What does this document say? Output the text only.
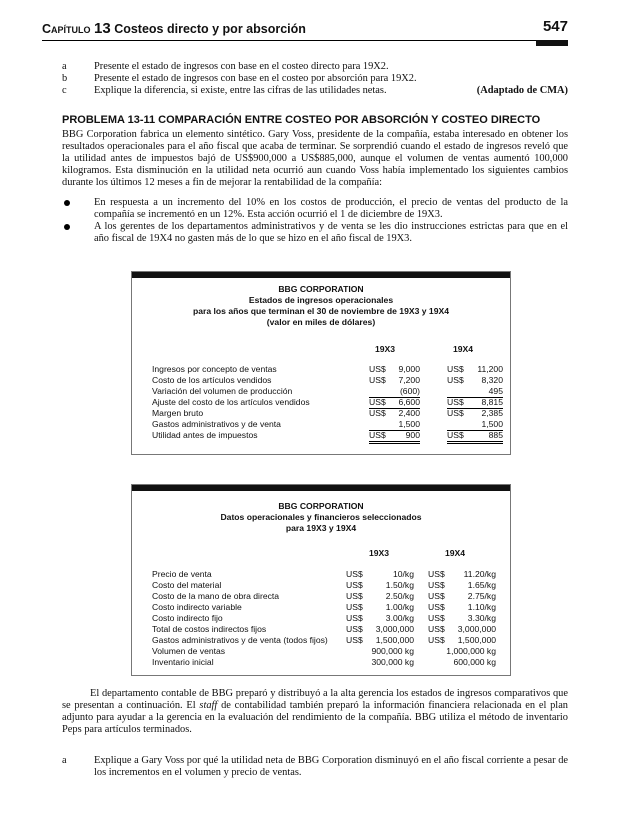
Capítulo 13 Costeos directo y por absorción	547
a	Presente el estado de ingresos con base en el costeo directo para 19X2.
b	Presente el estado de ingresos con base en el costeo por absorción para 19X2.
c	Explique la diferencia, si existe, entre las cifras de las utilidades netas.	(Adaptado de CMA)
PROBLEMA 13-11 COMPARACIÓN ENTRE COSTEO POR ABSORCIÓN Y COSTEO DIRECTO
BBG Corporation fabrica un elemento sintético. Gary Voss, presidente de la compañía, estaba interesado en obtener los resultados operacionales para el año fiscal que acaba de terminar. Se sorprendió cuando el estado de ingresos reveló que la utilidad antes de impuestos bajó de US$900,000 a US$885,000, aunque el volumen de ventas aumentó 100,000 kilogramos. Esta disminución en la utilidad neta ocurrió aun cuando Voss había implementado los siguientes cambios durante los últimos 12 meses a fin de mejorar la rentabilidad de la compañía:
En respuesta a un incremento del 10% en los costos de producción, el precio de ventas del producto de la compañía se incrementó en un 12%. Esta acción ocurrió el 1 de diciembre de 19X3.
A los gerentes de los departamentos administrativos y de venta se les dio instrucciones estrictas para que en el año fiscal de 19X4 no gasten más de lo que se hizo en el año fiscal de 19X3.
BBG CORPORATION
Estados de ingresos operacionales
para los años que terminan el 30 de noviembre de 19X3 y 19X4
(valor en miles de dólares)
19X3	19X4
Ingresos por concepto de ventas	US$ 9,000	US$ 11,200
Costo de los artículos vendidos	US$ 7,200	US$ 8,320
Variación del volumen de producción	(600)	495
Ajuste del costo de los artículos vendidos	US$ 6,600	US$ 8,815
Margen bruto	US$ 2,400	US$ 2,385
Gastos administrativos y de venta	1,500	1,500
Utilidad antes de impuestos	US$ 900	US$	885
BBG CORPORATION
Datos operacionales y financieros seleccionados
para 19X3 y 19X4
19X3	19X4
Precio de venta	US$	10/kg US$ 11.20/kg
Costo del material	US$	1.50/kg US$	1.65/kg
Costo de la mano de obra directa	US$	2.50/kg US$	2.75/kg
Costo indirecto variable	US$	1.00/kg US$	1.10/kg
Costo indirecto fijo	US$	3.00/kg US$	3.30/kg
Total de costos indirectos fijos	US$ 3,000,000 US$ 3,000,000
Gastos administrativos y de venta (todos fijos) US$ 1,500,000 US$ 1,500,000
Volumen de ventas	900,000 kg	1,000,000 kg
Inventario inicial	300,000 kg	600,000 kg
El departamento contable de BBG preparó y distribuyó a la alta gerencia los estados de ingresos comparativos que se presentan a continuación. El staff de contabilidad también preparó la información financiera relacionada en el plan adjunto para ayudar a la gerencia en la evaluación del rendimiento de la compañía. BBG utiliza el método de inventario Peps para artículos terminados.
a	Explique a Gary Voss por qué la utilidad neta de BBG Corporation disminuyó en el año fiscal corriente a pesar de los incrementos en el volumen y precio de ventas.
